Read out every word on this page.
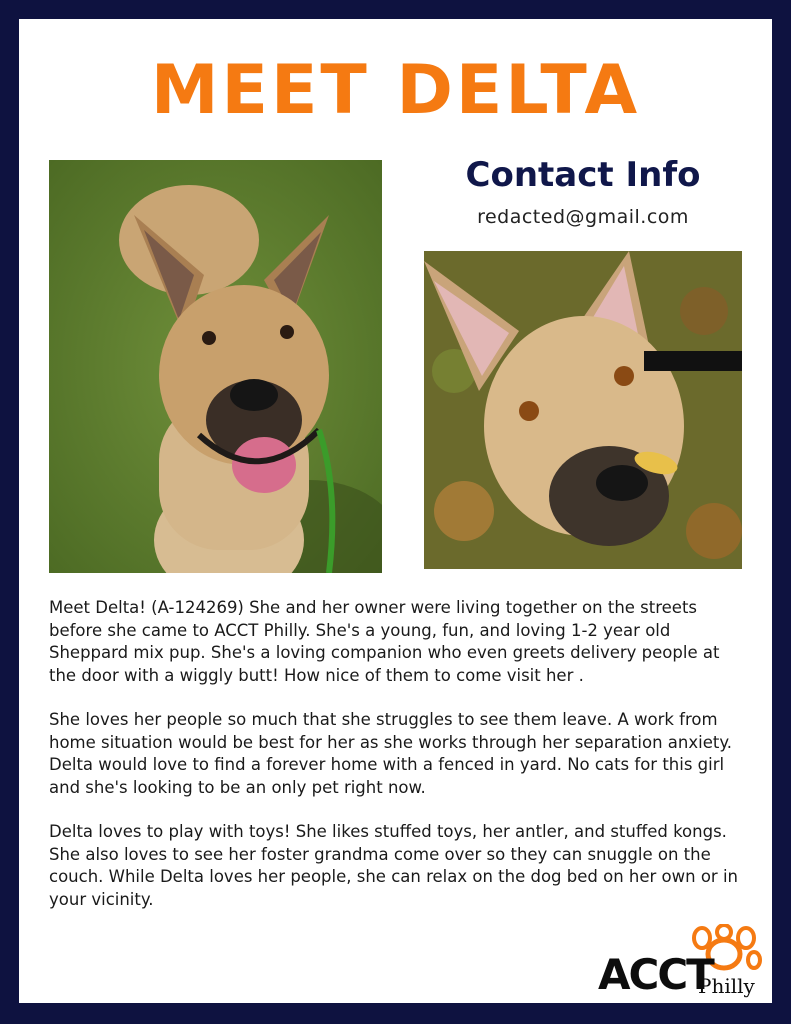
MEET DELTA
Contact Info
redacted@gmail.com

Meet Delta! (A-124269) She and her owner were living together on the streets before she came to ACCT Philly. She's a young, fun, and loving 1-2 year old Sheppard mix pup. She's a loving companion who even greets delivery people at the door with a wiggly butt! How nice of them to come visit her .

She loves her people so much that she struggles to see them leave. A work from home situation would be best for her as she works through her separation anxiety. Delta would love to find a forever home with a fenced in yard. No cats for this girl and she's looking to be an only pet right now.

Delta loves to play with toys! She likes stuffed toys, her antler, and stuffed kongs. She also loves to see her foster grandma come over so they can snuggle on the couch. While Delta loves her people, she can relax on the dog bed on her own or in your vicinity.

ACCT
Philly
